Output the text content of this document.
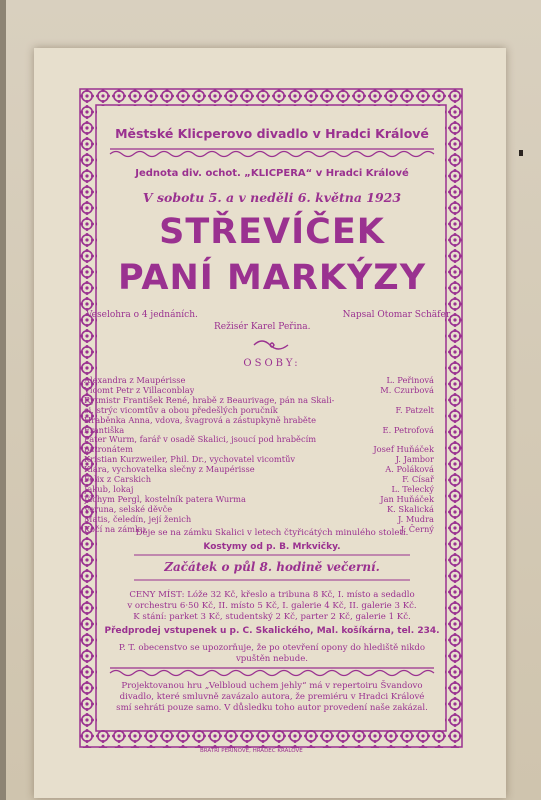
Městské Klicperovo divadlo v Hradci Králové
Jednota div. ochot. „KLICPERA“ v Hradci Králové
V sobotu 5. a v neděli 6. května 1923
STŘEVÍČEK
PANÍ MARKÝZY
Veselohra o 4 jednáních.	Napsal Otomar Schäfer.
Režisér Karel Peřina.
OSOBY:
Alexandra z Maupérisse	L. Peřinová
Vicomt Petr z Villaconblay	M. Czurbová
Rytmistr František René, hrabě z Beaurivage, pán na Skali-
ci, strýc vicomtův a obou předešlých poručník	F. Patzelt
Hraběnka Anna, vdova, švagrová a zástupkyně hraběte
Františka	E. Petrofová
Pater Wurm, farář v osadě Skalici, jsoucí pod hraběcím
patronátem	Josef Huňáček
Kristian Kurzweiler, Phil. Dr., vychovatel vicomtův	J. Jambor
Klára, vychovatelka slečny z Maupérisse	A. Poláková
Felix z Carskich	F. Císař
Jakub, lokaj	L. Telecký
Jáchym Pergl, kostelník patera Wurma	Jan Huňáček
Veruna, selské děvče	K. Skalická
Matis, čeledín, její ženich	J. Mudra
Kočí na zámku	J. Černý
Děje se na zámku Skalici v letech čtyřicátých minulého století.
Kostymy od p. B. Mrkvičky.
Začátek o půl 8. hodině večerní.
CENY MÍST: Lóže 32 Kč, křeslo a tribuna 8 Kč, I. místo a sedadlo
v orchestru 6·50 Kč, II. místo 5 Kč, I. galerie 4 Kč, II. galerie 3 Kč.
K stání: parket 3 Kč, studentský 2 Kč, parter 2 Kč, galerie 1 Kč.
Předprodej vstupenek u p. C. Skalického, Mal. košíkárna, tel. 234.
P. T. obecenstvo se upozorňuje, že po otevření opony do hlediště nikdo
vpuštěn nebude.
Projektovanou hru „Velbloud uchem jehly“ má v repertoiru Švandovo
divadlo, které smluvně zavázalo autora, že premiéru v Hradci Králové
smí sehráti pouze samo. V důsledku toho autor provedení naše zakázal.
BRATŘI PEŘINOVÉ, HRADEC KRÁLOVÉ
